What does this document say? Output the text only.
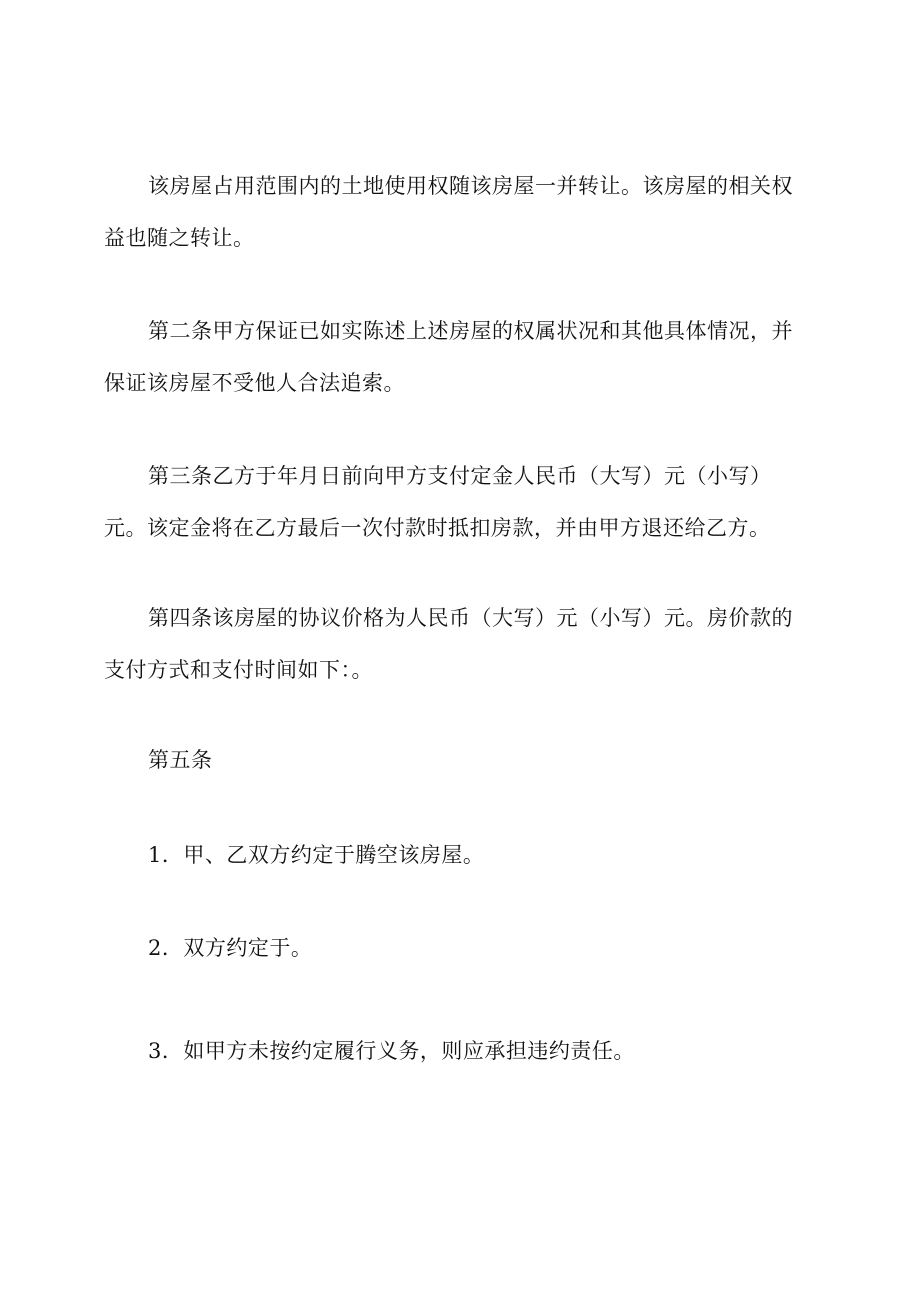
该房屋占用范围内的土地使用权随该房屋一并转让。该房屋的相关权
益也随之转让。

第二条甲方保证已如实陈述上述房屋的权属状况和其他具体情况，并
保证该房屋不受他人合法追索。

第三条乙方于年月日前向甲方支付定金人民币（大写）元（小写）
元。该定金将在乙方最后一次付款时抵扣房款，并由甲方退还给乙方。

第四条该房屋的协议价格为人民币（大写）元（小写）元。房价款的
支付方式和支付时间如下：。

第五条

1．甲、乙双方约定于腾空该房屋。

2．双方约定于。

3．如甲方未按约定履行义务，则应承担违约责任。
